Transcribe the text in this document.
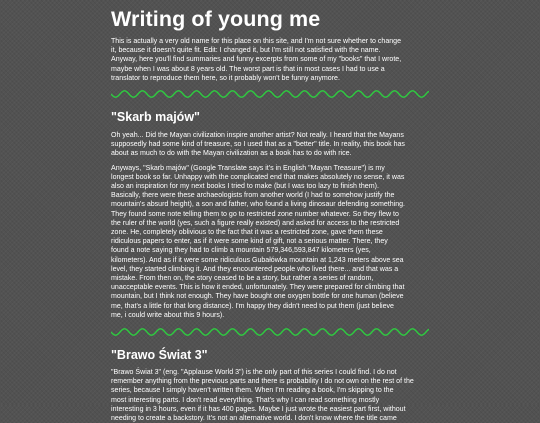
Writing of young me

This is actually a very old name for this place on this site, and I'm not sure whether to change
it, because it doesn't quite fit. Edit: I changed it, but I'm still not satisfied with the name.
Anyway, here you'll find summaries and funny excerpts from some of my "books" that I wrote,
maybe when I was about 8 years old. The worst part is that in most cases I had to use a
translator to reproduce them here, so it probably won't be funny anymore.

"Skarb majów"

Oh yeah... Did the Mayan civilization inspire another artist? Not really. I heard that the Mayans
supposedly had some kind of treasure, so I used that as a "better" title. In reality, this book has
about as much to do with the Mayan civilization as a book has to do with rice.

Anyways, "Skarb majów" (Google Translate says it's in English "Mayan Treasure") is my
longest book so far. Unhappy with the complicated end that makes absolutely no sense, it was
also an inspiration for my next books I tried to make (but I was too lazy to finish them).
Basically, there were these archaeologists from another world (I had to somehow justify the
mountain's absurd height), a son and father, who found a living dinosaur defending something.
They found some note telling them to go to restricted zone number whatever. So they flew to
the ruler of the world (yes, such a figure really existed) and asked for access to the restricted
zone. He, completely oblivious to the fact that it was a restricted zone, gave them these
ridiculous papers to enter, as if it were some kind of gift, not a serious matter. There, they
found a note saying they had to climb a mountain 579,346,593,847 kilometers (yes,
kilometers). And as if it were some ridiculous Gubałówka mountain at 1,243 meters above sea
level, they started climbing it. And they encountered people who lived there... and that was a
mistake. From then on, the story ceased to be a story, but rather a series of random,
unacceptable events. This is how it ended, unfortunately. They were prepared for climbing that
mountain, but I think not enough. They have bought one oxygen bottle for one human (believe
me, that's a little for that long distance). I'm happy they didn't need to put them (just believe
me, i could write about this 9 hours).

"Brawo Świat 3"

"Brawo Świat 3" (eng. "Applause World 3") is the only part of this series I could find. I do not
remember anything from the previous parts and there is probability I do not own on the rest of the
series, because I simply haven't written them. When I'm reading a book, I'm skipping to the
most interesting parts. I don't read everything. That's why I can read something mostly
interesting in 3 hours, even if it has 400 pages. Maybe I just wrote the easiest part first, without
needing to create a backstory. It's not an alternative world. I don't know where the title came
